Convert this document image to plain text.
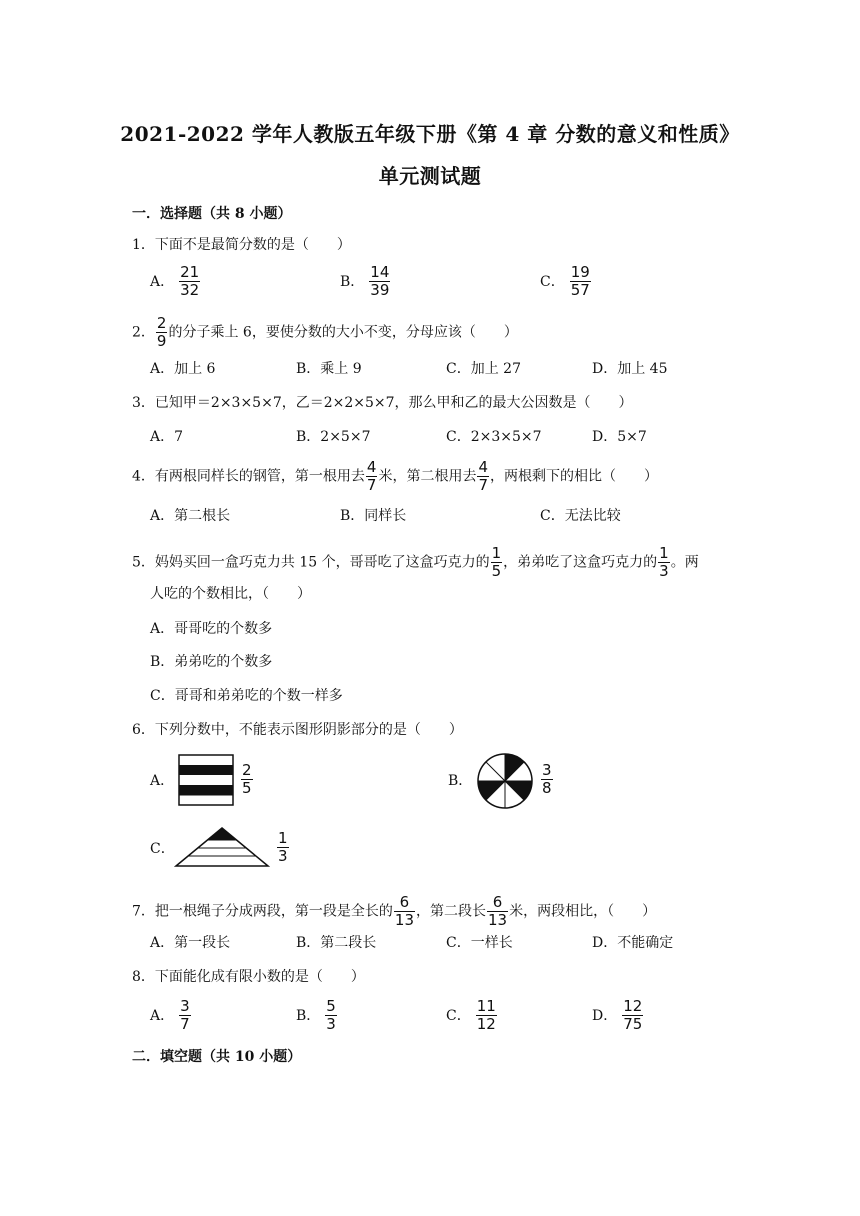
2021-2022 学年人教版五年级下册《第 4 章 分数的意义和性质》
单元测试题
一．选择题（共 8 小题）
1．下面不是最简分数的是（　　）
A． $\frac{21}{32}$	B． $\frac{14}{39}$	C． $\frac{19}{57}$
2． $\frac{2}{9}$ 的分子乘上 6，要使分数的大小不变，分母应该（　　）
A．加上 6	B．乘上 9	C．加上 27	D．加上 45
3．已知甲＝2×3×5×7，乙＝2×2×5×7，那么甲和乙的最大公因数是（　　）
A．7	B．2×5×7	C．2×3×5×7	D．5×7
4．有两根同样长的钢管，第一根用去 $\frac{4}{7}$ 米，第二根用去 $\frac{4}{7}$ ，两根剩下的相比（　　）
A．第二根长	B．同样长	C．无法比较
5．妈妈买回一盒巧克力共 15 个，哥哥吃了这盒巧克力的 $\frac{1}{5}$ ，弟弟吃了这盒巧克力的 $\frac{1}{3}$ 。两
人吃的个数相比，（　　）
A．哥哥吃的个数多
B．弟弟吃的个数多
C．哥哥和弟弟吃的个数一样多
6．下列分数中，不能表示图形阴影部分的是（　　）
A．	$\frac{2}{5}$	B．	$\frac{3}{8}$
C．	$\frac{1}{3}$
7．把一根绳子分成两段，第一段是全长的 $\frac{6}{13}$ ，第二段长 $\frac{6}{13}$ 米，两段相比，（　　）
A．第一段长	B．第二段长	C．一样长	D．不能确定
8．下面能化成有限小数的是（　　）
A． $\frac{3}{7}$	B． $\frac{5}{3}$	C． $\frac{11}{12}$	D． $\frac{12}{75}$
二．填空题（共 10 小题）
